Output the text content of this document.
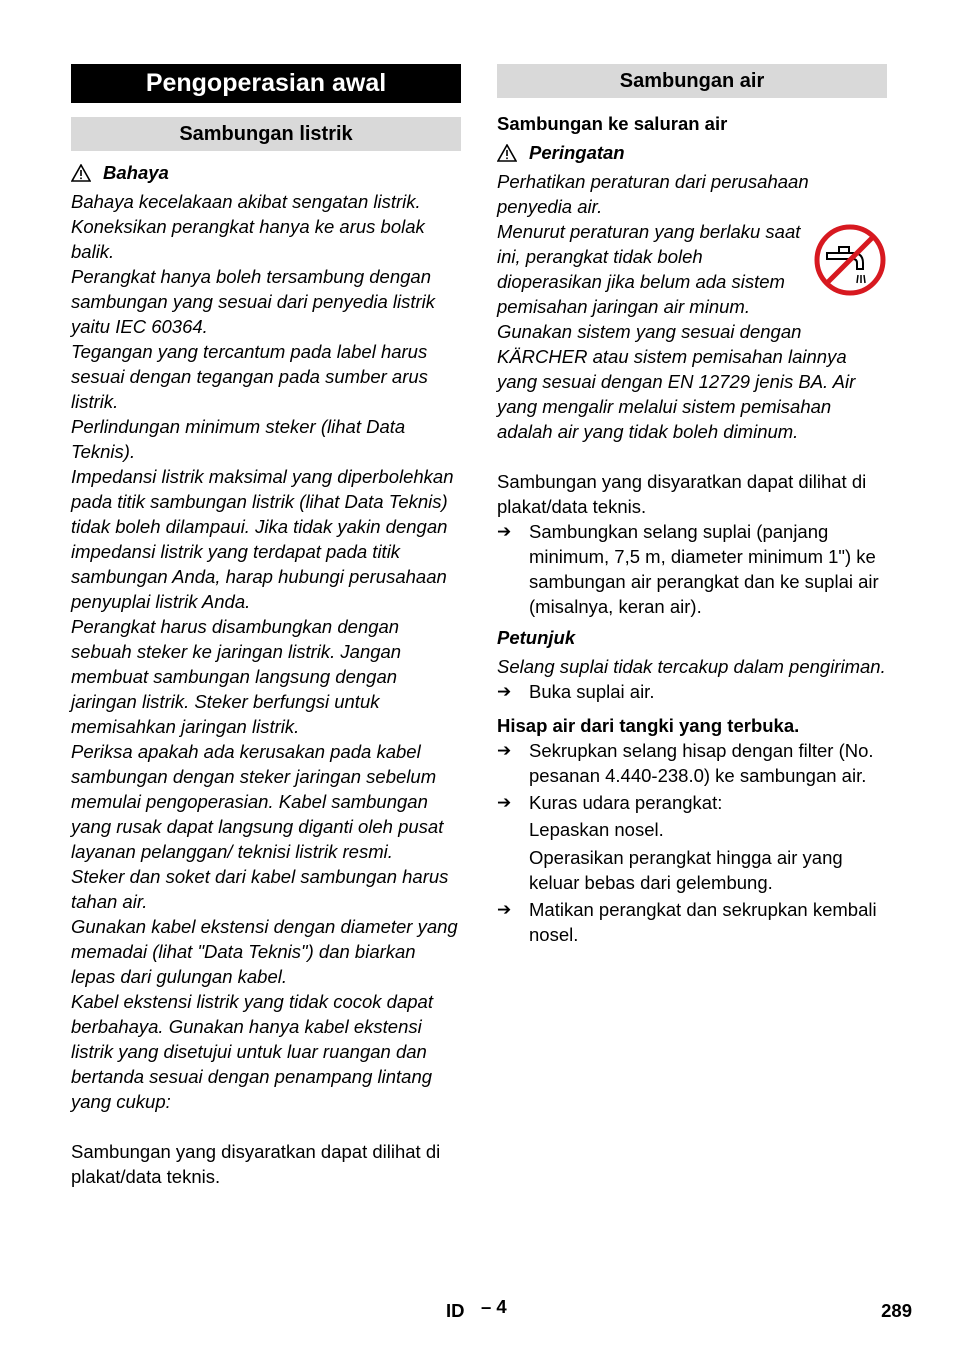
Pengoperasian awal
Sambungan listrik
Bahaya

Bahaya kecelakaan akibat sengatan listrik. Koneksikan perangkat hanya ke arus bolak balik.

Perangkat hanya boleh tersambung dengan sambungan yang sesuai dari penyedia listrik yaitu IEC 60364.

Tegangan yang tercantum pada label harus sesuai dengan tegangan pada sumber arus listrik.

Perlindungan minimum steker (lihat Data Teknis).

Impedansi listrik maksimal yang diperbolehkan pada titik sambungan listrik (lihat Data Teknis) tidak boleh dilampaui. Jika tidak yakin dengan impedansi listrik yang terdapat pada titik sambungan Anda, harap hubungi perusahaan penyuplai listrik Anda.

Perangkat harus disambungkan dengan sebuah steker ke jaringan listrik. Jangan membuat sambungan langsung dengan jaringan listrik. Steker berfungsi untuk memisahkan jaringan listrik.

Periksa apakah ada kerusakan pada kabel sambungan dengan steker jaringan sebelum memulai pengoperasian. Kabel sambungan yang rusak dapat langsung diganti oleh pusat layanan pelanggan/ teknisi listrik resmi.

Steker dan soket dari kabel sambungan harus tahan air.

Gunakan kabel ekstensi dengan diameter yang memadai (lihat "Data Teknis") dan biarkan lepas dari gulungan kabel.

Kabel ekstensi listrik yang tidak cocok dapat berbahaya. Gunakan hanya kabel ekstensi listrik yang disetujui untuk luar ruangan dan bertanda sesuai dengan penampang lintang yang cukup:

Sambungan yang disyaratkan dapat dilihat di plakat/data teknis.

Sambungan air

Sambungan ke saluran air

Peringatan

Perhatikan peraturan dari perusahaan penyedia air.

Menurut peraturan yang berlaku saat ini, perangkat tidak boleh dioperasikan jika belum ada sistem pemisahan jaringan air minum. Gunakan sistem yang sesuai dengan KÄRCHER atau sistem pemisahan lainnya yang sesuai dengan EN 12729 jenis BA. Air yang mengalir melalui sistem pemisahan adalah air yang tidak boleh diminum.

Sambungan yang disyaratkan dapat dilihat di plakat/data teknis.

➔ Sambungkan selang suplai (panjang minimum, 7,5 m, diameter minimum 1") ke sambungan air perangkat dan ke suplai air (misalnya, keran air).

Petunjuk

Selang suplai tidak tercakup dalam pengiriman.

➔ Buka suplai air.

Hisap air dari tangki yang terbuka.

➔ Sekrupkan selang hisap dengan filter (No. pesanan 4.440-238.0) ke sambungan air.
➔ Kuras udara perangkat:
Lepaskan nosel.
Operasikan perangkat hingga air yang keluar bebas dari gelembung.
➔ Matikan perangkat dan sekrupkan kembali nosel.
ID – 4	289
